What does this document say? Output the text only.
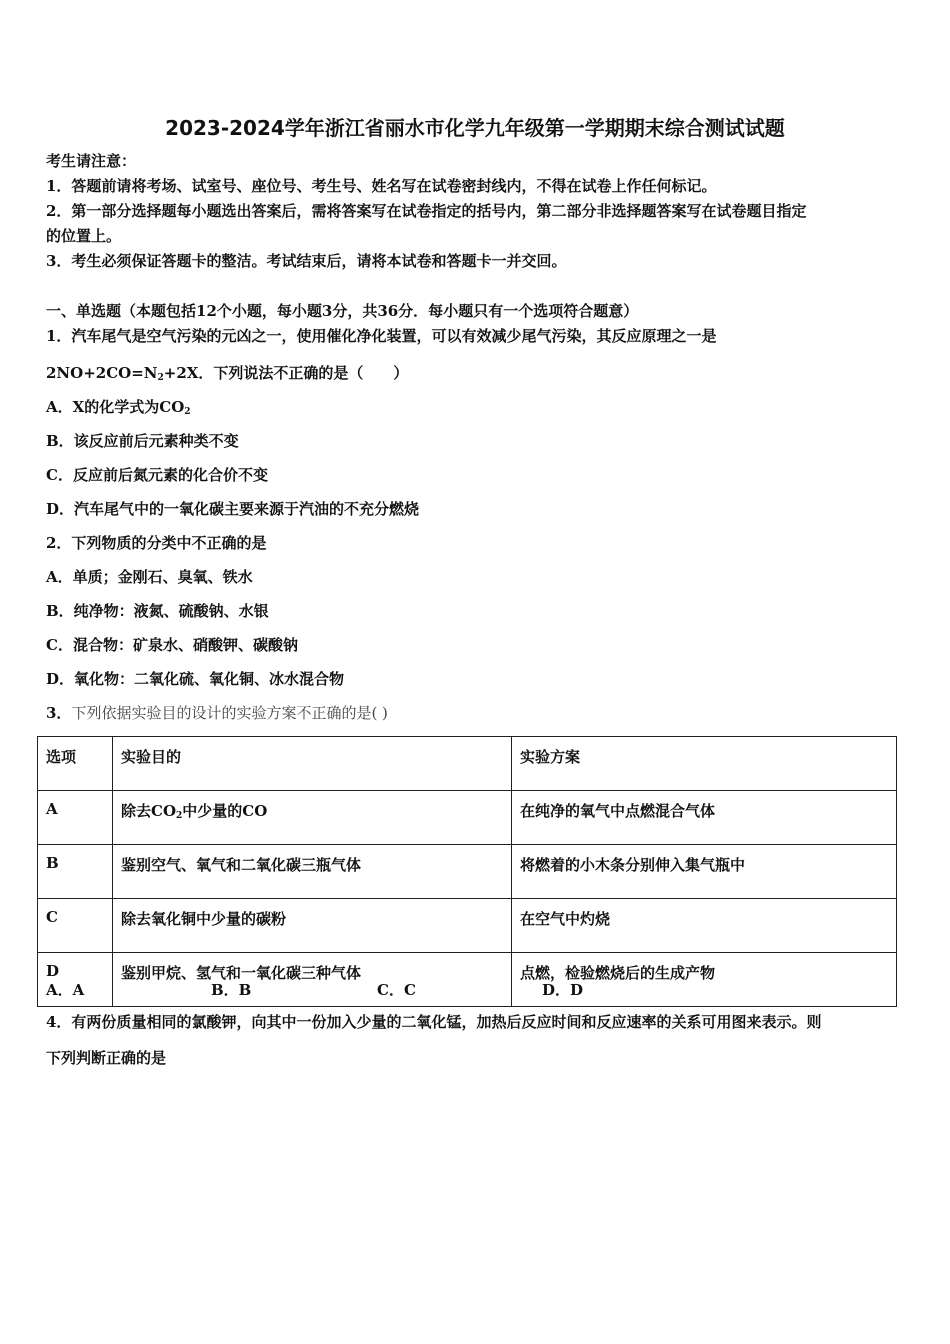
2023-2024学年浙江省丽水市化学九年级第一学期期末综合测试试题
考生请注意：
1．答题前请将考场、试室号、座位号、考生号、姓名写在试卷密封线内，不得在试卷上作任何标记。
2．第一部分选择题每小题选出答案后，需将答案写在试卷指定的括号内，第二部分非选择题答案写在试卷题目指定
的位置上。
3．考生必须保证答题卡的整洁。考试结束后，请将本试卷和答题卡一并交回。
一、单选题（本题包括12个小题，每小题3分，共36分．每小题只有一个选项符合题意）
1．汽车尾气是空气污染的元凶之一，使用催化净化装置，可以有效减少尾气污染，其反应原理之一是
$2NO+2CO=N_2+2X$．下列说法不正确的是（　　）
A．X的化学式为$CO_2$
B．该反应前后元素种类不变
C．反应前后氮元素的化合价不变
D．汽车尾气中的一氧化碳主要来源于汽油的不充分燃烧
2．下列物质的分类中不正确的是
A．单质；金刚石、臭氧、铁水
B．纯净物：液氮、硫酸钠、水银
C．混合物：矿泉水、硝酸钾、碳酸钠
D．氧化物：二氧化硫、氧化铜、冰水混合物
3．下列依据实验目的设计的实验方案不正确的是( )
选项	实验目的	实验方案
A	除去$CO_2$中少量的CO	在纯净的氧气中点燃混合气体
B	鉴别空气、氧气和二氧化碳三瓶气体	将燃着的小木条分别伸入集气瓶中
C	除去氧化铜中少量的碳粉	在空气中灼烧
D	鉴别甲烷、氢气和一氧化碳三种气体	点燃，检验燃烧后的生成产物
A．A	B．B	C．C	D．D
4．有两份质量相同的氯酸钾，向其中一份加入少量的二氧化锰，加热后反应时间和反应速率的关系可用图来表示。则
下列判断正确的是
